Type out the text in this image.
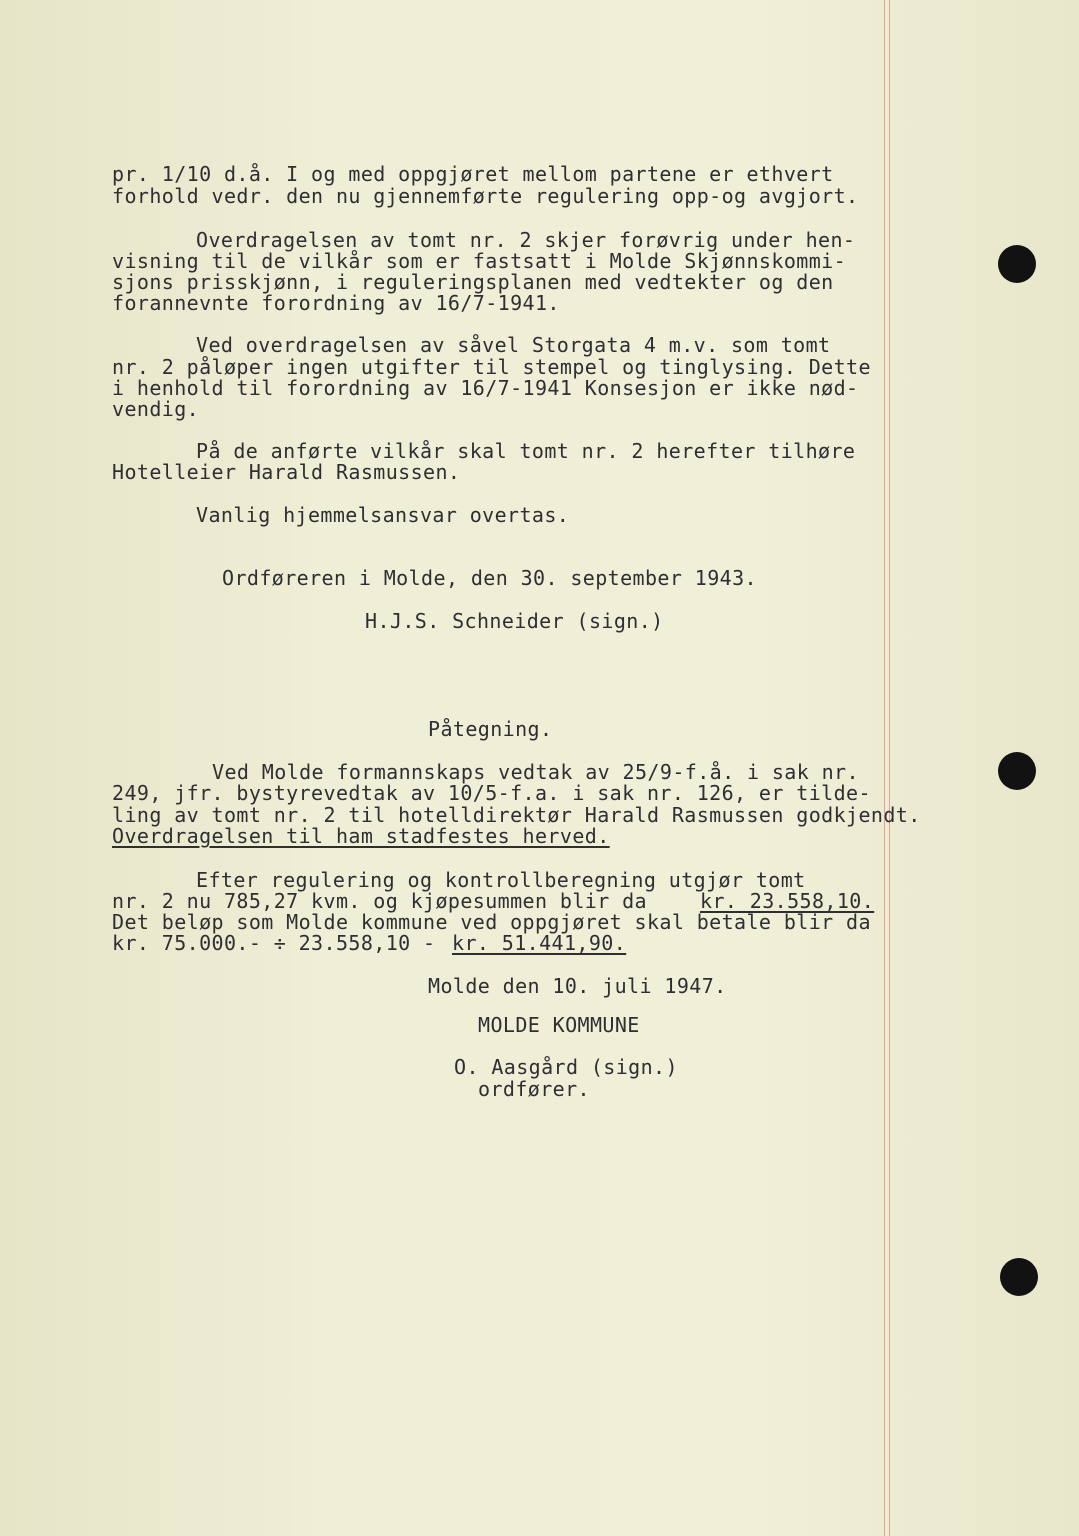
pr. 1/10 d.å. I og med oppgjøret mellom partene er ethvert
forhold vedr. den nu gjennemførte regulering opp-og avgjort.
Overdragelsen av tomt nr. 2 skjer forøvrig under hen-
visning til de vilkår som er fastsatt i Molde Skjønnskommi-
sjons prisskjønn, i reguleringsplanen med vedtekter og den
forannevnte forordning av 16/7-1941.
Ved overdragelsen av såvel Storgata 4 m.v. som tomt
nr. 2 påløper ingen utgifter til stempel og tinglysing. Dette
i henhold til forordning av 16/7-1941 Konsesjon er ikke nød-
vendig.
På de anførte vilkår skal tomt nr. 2 herefter tilhøre
Hotelleier Harald Rasmussen.
Vanlig hjemmelsansvar overtas.
Ordføreren i Molde, den 30. september 1943.
H.J.S. Schneider (sign.)
Påtegning.
Ved Molde formannskaps vedtak av 25/9-f.å. i sak nr.
249, jfr. bystyrevedtak av 10/5-f.a. i sak nr. 126, er tilde-
ling av tomt nr. 2 til hotelldirektør Harald Rasmussen godkjendt.
Overdragelsen til ham stadfestes herved.
Efter regulering og kontrollberegning utgjør tomt
nr. 2 nu 785,27 kvm. og kjøpesummen blir da	kr. 23.558,10.
Det beløp som Molde kommune ved oppgjøret skal betale blir da
kr. 75.000.- ÷ 23.558,10 - kr. 51.441,90.
Molde den 10. juli 1947.
MOLDE KOMMUNE
O. Aasgård (sign.)
ordfører.
